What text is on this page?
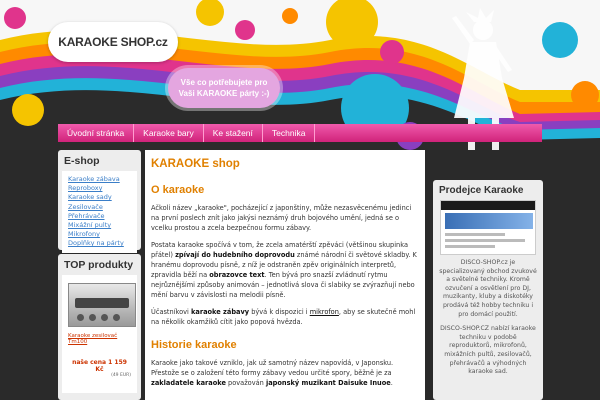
KARAOKE SHOP.cz
Vše co potřebujete pro Vaši KARAOKE párty :-)
Úvodní stránka	Karaoke bary	Ke stažení	Technika
E-shop
Karaoke zábava
Reproboxy
Karaoke sady
Zesilovače
Přehrávače
Mixážní pulty
Mikrofony
Doplňky na párty
TOP produkty
Karaoke zesilovač Tm100
naše cena 1 159 Kč
(49 EUR)
KARAOKE shop
O karaoke

Ačkoli název „karaoke", pocházející z japonštiny, může nezasvěcenému jedinci na první poslech znít jako jakýsi neznámý druh bojového umění, jedná se o vcelku prostou a zcela bezpečnou formu zábavy.

Postata karaoke spočívá v tom, že zcela amatérští zpěváci (většinou skupinka přátel) zpívají do hudebního doprovodu známé národní či světové skladby. K hranému doprovodu písně, z níž je odstraněn zpěv originálních interpretů, zpravidla běží na obrazovce text. Ten bývá pro snazší zvládnutí rytmu nejrůznějšími způsoby animován – jednotlivá slova či slabiky se zvýrazňují nebo mění barvu v závislosti na melodii písně.

Účastníkovi karaoke zábavy bývá k dispozici i mikrofon, aby se skutečně mohl na několik okamžiků cítit jako popová hvězda.

Historie karaoke

Karaoke jako takové vzniklo, jak už samotný název napovídá, v Japonsku. Přestože se o založení této formy zábavy vedou určité spory, běžně je za zakladatele karaoke považován japonský muzikant Daisuke Inuoe.

Prodejce Karaoke

DISCO-SHOP.cz je specializovaný obchod zvukové a světelné techniky. Kromě ozvučení a osvětlení pro DJ, muzikanty, kluby a diskotéky prodává též hobby techniku i pro domácí použití.

DISCO-SHOP.CZ nabízí karaoke techniku v podobě reproduktorů, mikrofonů, mixážních pultů, zesilovačů, přehrávačů a výhodných karaoke sad.
